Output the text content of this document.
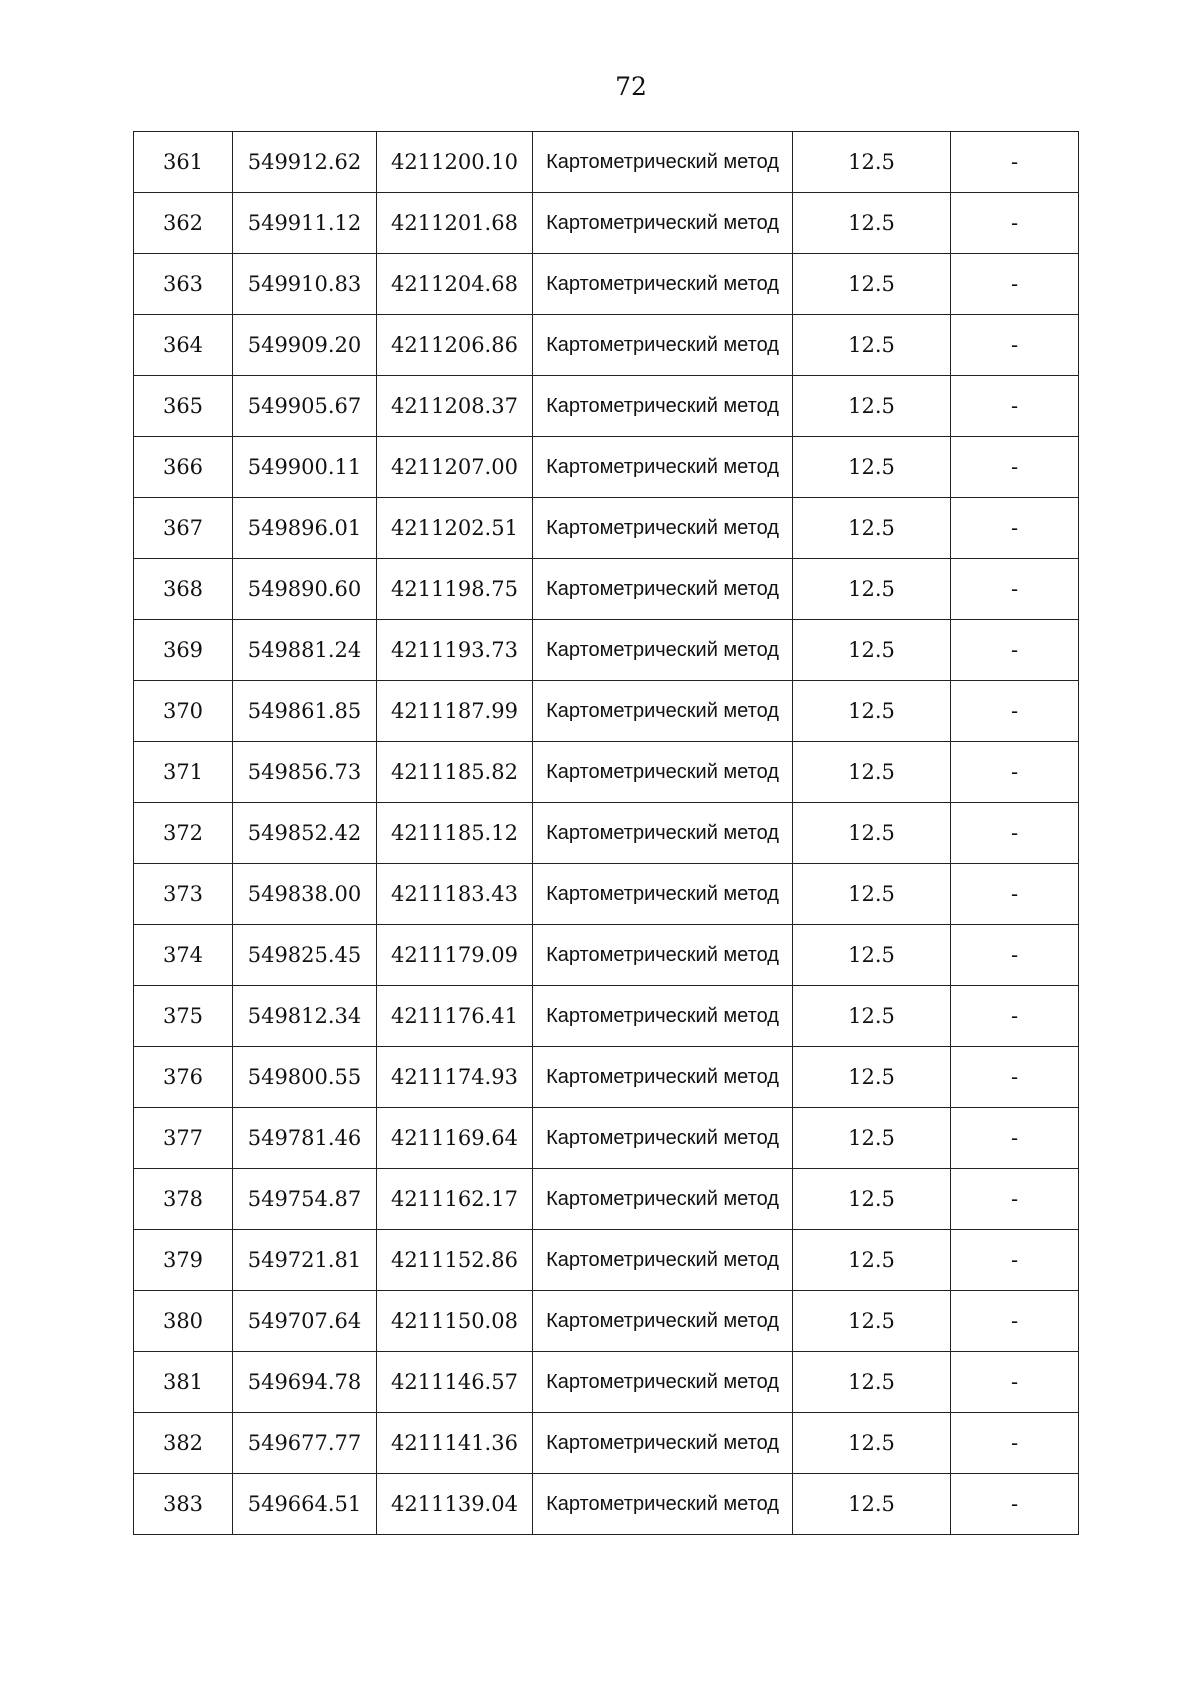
72
361	549912.62	4211200.10	Картометрический метод	12.5	-
362	549911.12	4211201.68	Картометрический метод	12.5	-
363	549910.83	4211204.68	Картометрический метод	12.5	-
364	549909.20	4211206.86	Картометрический метод	12.5	-
365	549905.67	4211208.37	Картометрический метод	12.5	-
366	549900.11	4211207.00	Картометрический метод	12.5	-
367	549896.01	4211202.51	Картометрический метод	12.5	-
368	549890.60	4211198.75	Картометрический метод	12.5	-
369	549881.24	4211193.73	Картометрический метод	12.5	-
370	549861.85	4211187.99	Картометрический метод	12.5	-
371	549856.73	4211185.82	Картометрический метод	12.5	-
372	549852.42	4211185.12	Картометрический метод	12.5	-
373	549838.00	4211183.43	Картометрический метод	12.5	-
374	549825.45	4211179.09	Картометрический метод	12.5	-
375	549812.34	4211176.41	Картометрический метод	12.5	-
376	549800.55	4211174.93	Картометрический метод	12.5	-
377	549781.46	4211169.64	Картометрический метод	12.5	-
378	549754.87	4211162.17	Картометрический метод	12.5	-
379	549721.81	4211152.86	Картометрический метод	12.5	-
380	549707.64	4211150.08	Картометрический метод	12.5	-
381	549694.78	4211146.57	Картометрический метод	12.5	-
382	549677.77	4211141.36	Картометрический метод	12.5	-
383	549664.51	4211139.04	Картометрический метод	12.5	-
